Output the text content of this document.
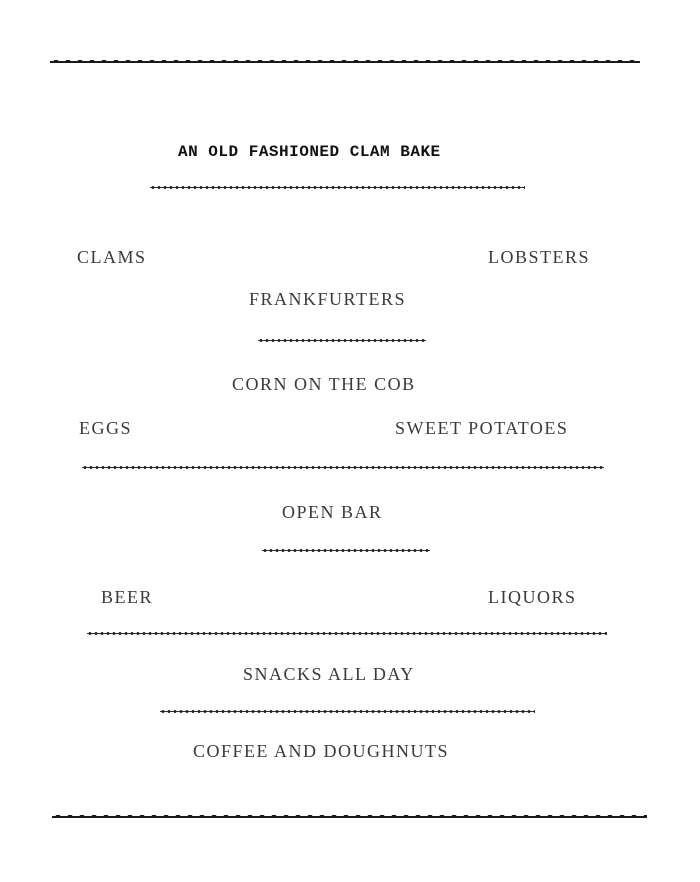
AN OLD FASHIONED CLAM BAKE
CLAMS	LOBSTERS
FRANKFURTERS
CORN ON THE COB
EGGS	SWEET POTATOES
OPEN BAR
BEER	LIQUORS
SNACKS ALL DAY
COFFEE AND DOUGHNUTS
